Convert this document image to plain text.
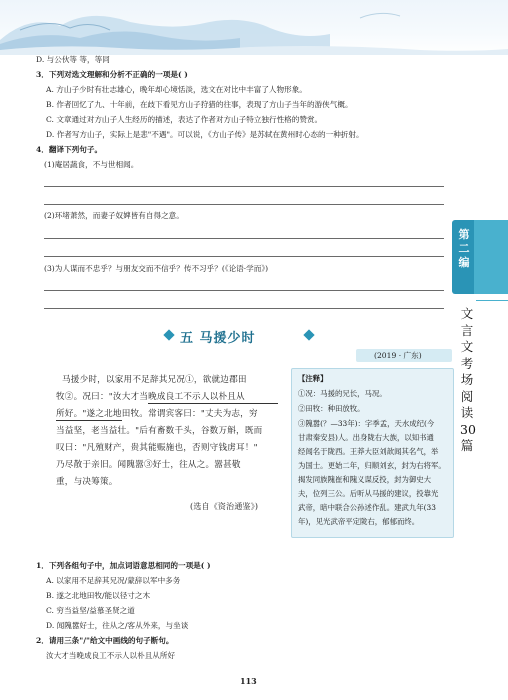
D. 与公伙等 等，等同
3．下列对选文理解和分析不正确的一项是( )
A. 方山子少时有壮志雄心，晚年却心境恬淡，选文在对比中丰富了人物形象。
B. 作者回忆了九、十年前，在歧下看见方山子狩猎的往事，表现了方山子当年的游侠气概。
C. 文章通过对方山子人生经历的描述，表达了作者对方山子特立独行性格的赞赏。
D. 作者写方山子，实际上是悲"不遇"。可以说，《方山子传》是苏轼在黄州时心态的一种折射。
4．翻译下列句子。
(1)庵居蔬食，不与世相闻。
(2)环堵萧然，而妻子奴婢皆有自得之意。
(3)为人谋而不忠乎？与朋友交而不信乎？传不习乎？(《论语·学而》)
第二编
文言文考场阅读30篇
五 马援少时
(2019 · 广东)
马援少时，以家用不足辞其兄况①，欲就边郡田
牧②。况曰："汝大才当晚成良工不示人以朴且从
所好。"遂之北地田牧。常谓宾客曰："丈夫为志，穷
当益坚，老当益壮。"后有畜数千头，谷数万斛，既而
叹曰："凡殖财产，贵其能赈施也，否则守钱虏耳！"
乃尽散于亲旧。闻隗嚣③好士，往从之。嚣甚敬
重，与决筹策。
(选自《资治通鉴》)
【注释】
①况：马援的兄长，马况。
②田牧：种田放牧。
③隗嚣(？—33年)：字季孟，天水成纪(今
甘肃秦安县)人。出身陇右大族，以知书通
经闻名于陇西。王莽大臣刘歆闻其名气，举
为国士。更始二年，归顺刘玄，封为右将军。
揭发同族隗崔和隗义谋反投，封为御史大
夫，位列三公。后听从马援的建议，投靠光
武帝，暗中联合公孙述作乱。建武九年(33
年)，见光武帝平定陇右，郁郁而终。
1．下列各组句子中，加点词语意思相同的一项是( )
A. 以家用不足辞其兄况/蒙辞以军中多务
B. 遂之北地田牧/能以径寸之木
C. 穷当益坚/益慕圣贤之道
D. 闻隗嚣好士，往从之/客从外来，与坐谈
2．请用三条"/"给文中画线的句子断句。
汝大才当晚成良工不示人以朴且从所好
113
